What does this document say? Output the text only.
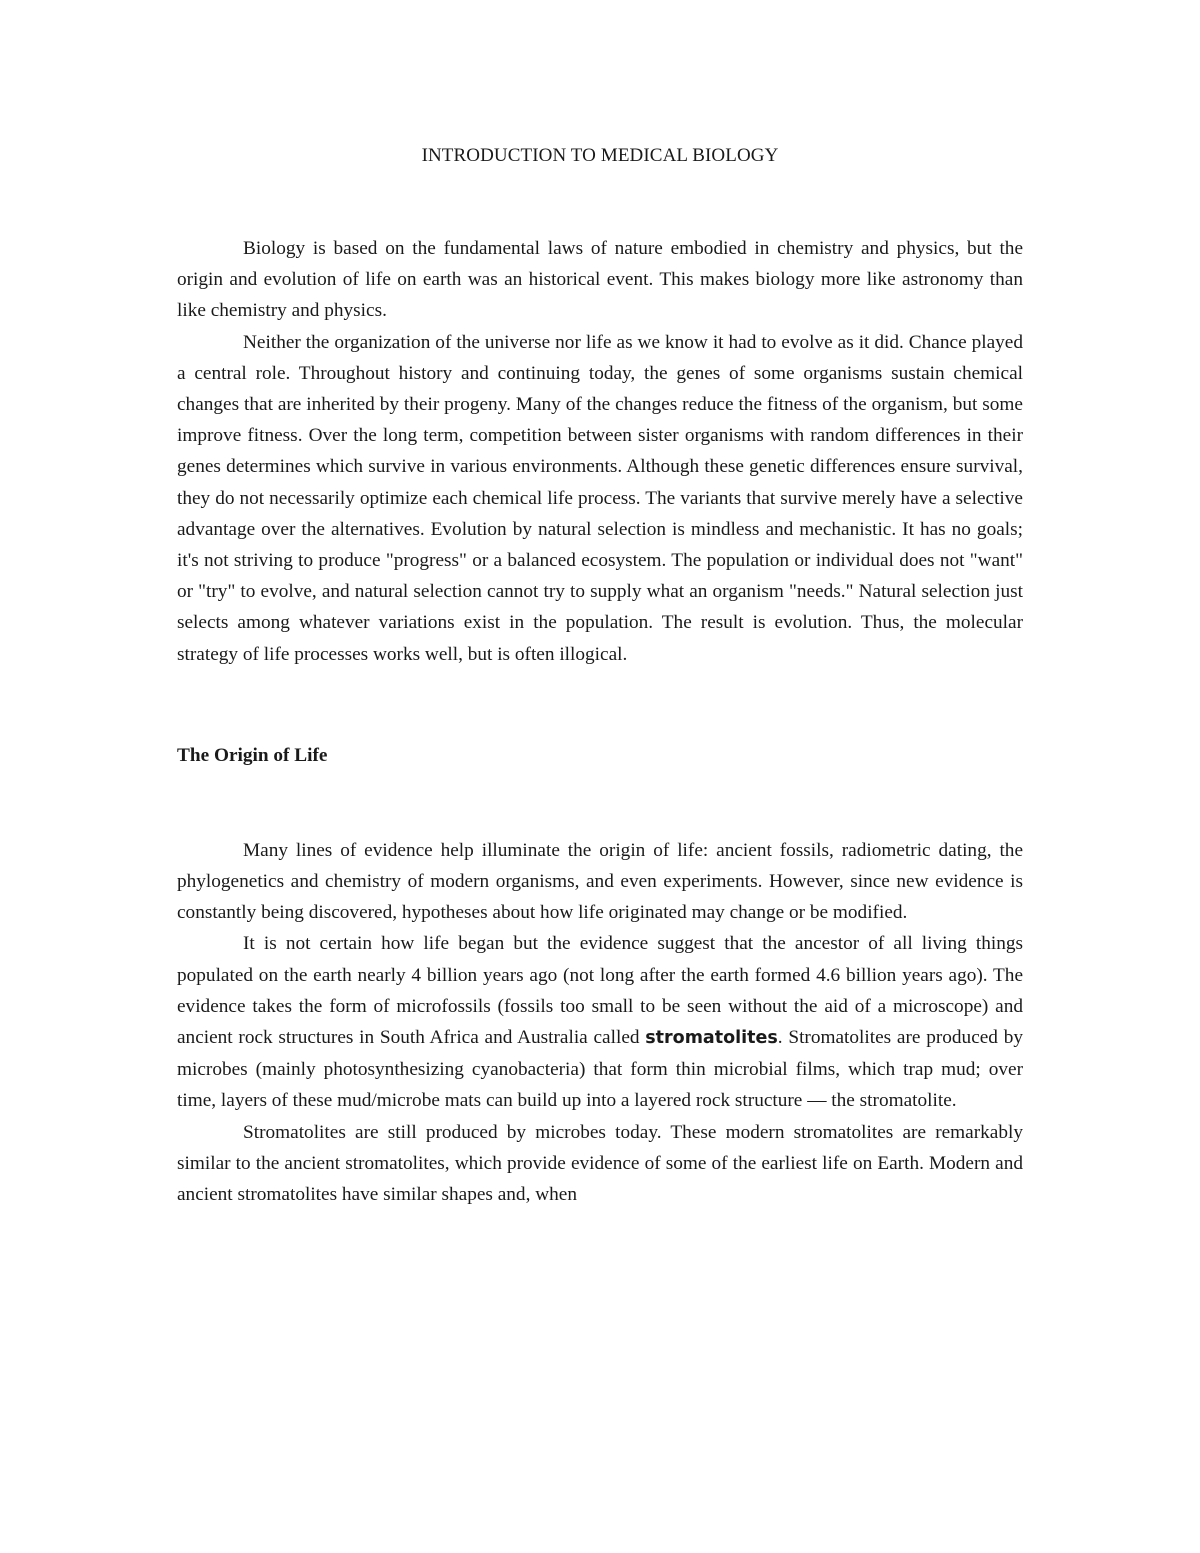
INTRODUCTION TO MEDICAL BIOLOGY

Biology is based on the fundamental laws of nature embodied in chemistry and physics, but the origin and evolution of life on earth was an historical event. This makes biology more like astronomy than like chemistry and physics.

Neither the organization of the universe nor life as we know it had to evolve as it did. Chance played a central role. Throughout history and continuing today, the genes of some organisms sustain chemical changes that are inherited by their progeny. Many of the changes reduce the fitness of the organism, but some improve fitness. Over the long term, competition between sister organisms with random differences in their genes determines which survive in various environments. Although these genetic differences ensure survival, they do not necessarily optimize each chemical life process. The variants that survive merely have a selective advantage over the alternatives. Evolution by natural selection is mindless and mechanistic. It has no goals; it's not striving to produce "progress" or a balanced ecosystem. The population or individual does not "want" or "try" to evolve, and natural selection cannot try to supply what an organism "needs." Natural selection just selects among whatever variations exist in the population. The result is evolution. Thus, the molecular strategy of life processes works well, but is often illogical.

The Origin of Life

Many lines of evidence help illuminate the origin of life: ancient fossils, radiometric dating, the phylogenetics and chemistry of modern organisms, and even experiments. However, since new evidence is constantly being discovered, hypotheses about how life originated may change or be modified.

It is not certain how life began but the evidence suggest that the ancestor of all living things populated on the earth nearly 4 billion years ago (not long after the earth formed 4.6 billion years ago). The evidence takes the form of microfossils (fossils too small to be seen without the aid of a microscope) and ancient rock structures in South Africa and Australia called stromatolites. Stromatolites are produced by microbes (mainly photosynthesizing cyanobacteria) that form thin microbial films, which trap mud; over time, layers of these mud/microbe mats can build up into a layered rock structure — the stromatolite.

Stromatolites are still produced by microbes today. These modern stromatolites are remarkably similar to the ancient stromatolites, which provide evidence of some of the earliest life on Earth. Modern and ancient stromatolites have similar shapes and, when
